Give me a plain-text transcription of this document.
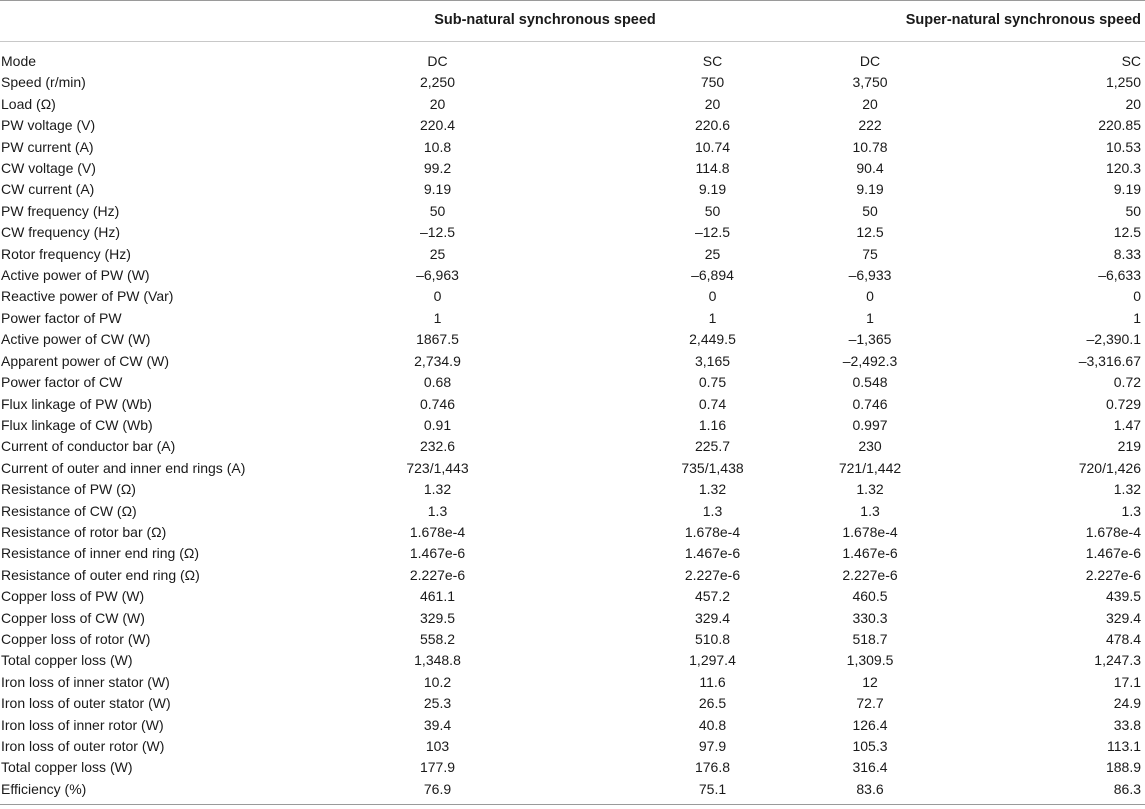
	Sub-natural synchronous speed		Super-natural synchronous speed	
Mode	DC	SC	DC	SC
Speed (r/min)	2,250	750	3,750	1,250
Load (Ω)	20	20	20	20
PW voltage (V)	220.4	220.6	222	220.85
PW current (A)	10.8	10.74	10.78	10.53
CW voltage (V)	99.2	114.8	90.4	120.3
CW current (A)	9.19	9.19	9.19	9.19
PW frequency (Hz)	50	50	50	50
CW frequency (Hz)	–12.5	–12.5	12.5	12.5
Rotor frequency (Hz)	25	25	75	8.33
Active power of PW (W)	–6,963	–6,894	–6,933	–6,633
Reactive power of PW (Var)	0	0	0	0
Power factor of PW	1	1	1	1
Active power of CW (W)	1867.5	2,449.5	–1,365	–2,390.1
Apparent power of CW (W)	2,734.9	3,165	–2,492.3	–3,316.67
Power factor of CW	0.68	0.75	0.548	0.72
Flux linkage of PW (Wb)	0.746	0.74	0.746	0.729
Flux linkage of CW (Wb)	0.91	1.16	0.997	1.47
Current of conductor bar (A)	232.6	225.7	230	219
Current of outer and inner end rings (A)	723/1,443	735/1,438	721/1,442	720/1,426
Resistance of PW (Ω)	1.32	1.32	1.32	1.32
Resistance of CW (Ω)	1.3	1.3	1.3	1.3
Resistance of rotor bar (Ω)	1.678e-4	1.678e-4	1.678e-4	1.678e-4
Resistance of inner end ring (Ω)	1.467e-6	1.467e-6	1.467e-6	1.467e-6
Resistance of outer end ring (Ω)	2.227e-6	2.227e-6	2.227e-6	2.227e-6
Copper loss of PW (W)	461.1	457.2	460.5	439.5
Copper loss of CW (W)	329.5	329.4	330.3	329.4
Copper loss of rotor (W)	558.2	510.8	518.7	478.4
Total copper loss (W)	1,348.8	1,297.4	1,309.5	1,247.3
Iron loss of inner stator (W)	10.2	11.6	12	17.1
Iron loss of outer stator (W)	25.3	26.5	72.7	24.9
Iron loss of inner rotor (W)	39.4	40.8	126.4	33.8
Iron loss of outer rotor (W)	103	97.9	105.3	113.1
Total copper loss (W)	177.9	176.8	316.4	188.9
Efficiency (%)	76.9	75.1	83.6	86.3
